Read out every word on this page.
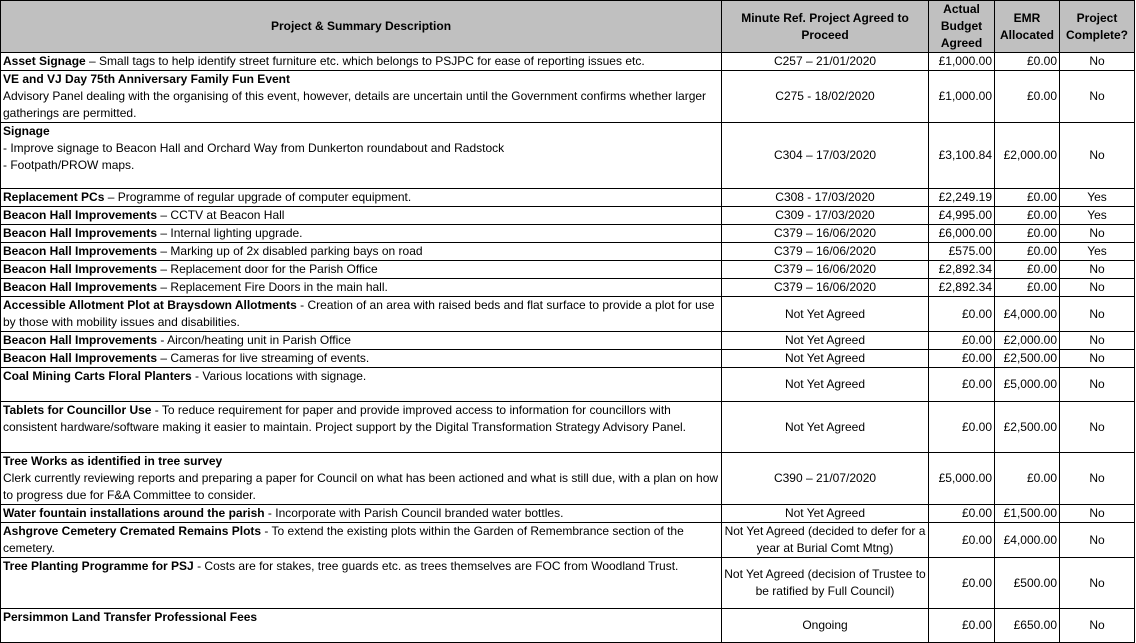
Project & Summary Description	Minute Ref. Project Agreed to Proceed	Actual Budget Agreed	EMR Allocated	Project Complete?
Asset Signage – Small tags to help identify street furniture etc. which belongs to PSJPC for ease of reporting issues etc.	C257 – 21/01/2020	£1,000.00	£0.00	No
VE and VJ Day 75th Anniversary Family Fun Event
Advisory Panel dealing with the organising of this event, however, details are uncertain until the Government confirms whether larger gatherings are permitted.	C275 - 18/02/2020	£1,000.00	£0.00	No
Signage
- Improve signage to Beacon Hall and Orchard Way from Dunkerton roundabout and Radstock
- Footpath/PROW maps.	C304 – 17/03/2020	£3,100.84	£2,000.00	No
Replacement PCs – Programme of regular upgrade of computer equipment.	C308 - 17/03/2020	£2,249.19	£0.00	Yes
Beacon Hall Improvements – CCTV at Beacon Hall	C309 - 17/03/2020	£4,995.00	£0.00	Yes
Beacon Hall Improvements – Internal lighting upgrade.	C379 – 16/06/2020	£6,000.00	£0.00	No
Beacon Hall Improvements – Marking up of 2x disabled parking bays on road	C379 – 16/06/2020	£575.00	£0.00	Yes
Beacon Hall Improvements – Replacement door for the Parish Office	C379 – 16/06/2020	£2,892.34	£0.00	No
Beacon Hall Improvements – Replacement Fire Doors in the main hall.	C379 – 16/06/2020	£2,892.34	£0.00	No
Accessible Allotment Plot at Braysdown Allotments - Creation of an area with raised beds and flat surface to provide a plot for use by those with mobility issues and disabilities.	Not Yet Agreed	£0.00	£4,000.00	No
Beacon Hall Improvements - Aircon/heating unit in Parish Office	Not Yet Agreed	£0.00	£2,000.00	No
Beacon Hall Improvements – Cameras for live streaming of events.	Not Yet Agreed	£0.00	£2,500.00	No
Coal Mining Carts Floral Planters - Various locations with signage.	Not Yet Agreed	£0.00	£5,000.00	No
Tablets for Councillor Use - To reduce requirement for paper and provide improved access to information for councillors with consistent hardware/software making it easier to maintain. Project support by the Digital Transformation Strategy Advisory Panel.	Not Yet Agreed	£0.00	£2,500.00	No
Tree Works as identified in tree survey
Clerk currently reviewing reports and preparing a paper for Council on what has been actioned and what is still due, with a plan on how to progress due for F&A Committee to consider.	C390 – 21/07/2020	£5,000.00	£0.00	No
Water fountain installations around the parish - Incorporate with Parish Council branded water bottles.	Not Yet Agreed	£0.00	£1,500.00	No
Ashgrove Cemetery Cremated Remains Plots - To extend the existing plots within the Garden of Remembrance section of the cemetery.	Not Yet Agreed (decided to defer for a year at Burial Comt Mtng)	£0.00	£4,000.00	No
Tree Planting Programme for PSJ - Costs are for stakes, tree guards etc. as trees themselves are FOC from Woodland Trust.	Not Yet Agreed (decision of Trustee to be ratified by Full Council)	£0.00	£500.00	No
Persimmon Land Transfer Professional Fees	Ongoing	£0.00	£650.00	No
